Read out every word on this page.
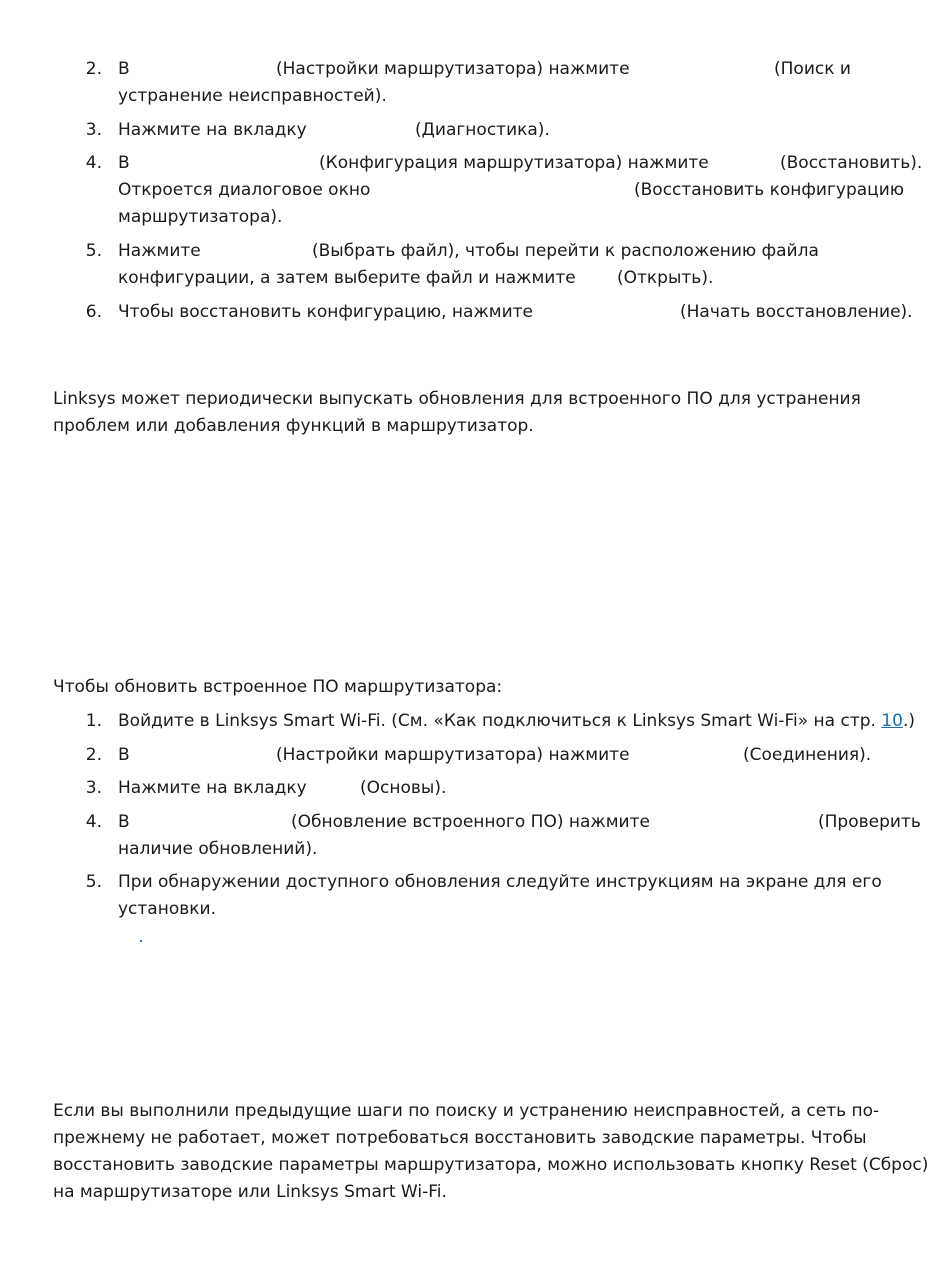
2. В	(Настройки маршрутизатора) нажмите	(Поиск и
устранение неисправностей).
3. Нажмите на вкладку	(Диагностика).
4. В	(Конфигурация маршрутизатора) нажмите	(Восстановить).
Откроется диалоговое окно	(Восстановить конфигурацию
маршрутизатора).
5. Нажмите	(Выбрать файл), чтобы перейти к расположению файла
конфигурации, а затем выберите файл и нажмите (Открыть).
6. Чтобы восстановить конфигурацию, нажмите	(Начать восстановление).
Linksys может периодически выпускать обновления для встроенного ПО для устранения
проблем или добавления функций в маршрутизатор.
Чтобы обновить встроенное ПО маршрутизатора:
1. Войдите в Linksys Smart Wi-Fi. (См. «Как подключиться к Linksys Smart Wi-Fi» на стр. 10.)
2. В	(Настройки маршрутизатора) нажмите	(Соединения).
3. Нажмите на вкладку	(Основы).
4. В	(Обновление встроенного ПО) нажмите	(Проверить
наличие обновлений).
5. При обнаружении доступного обновления следуйте инструкциям на экране для его
установки.
Если вы выполнили предыдущие шаги по поиску и устранению неисправностей, а сеть по-
прежнему не работает, может потребоваться восстановить заводские параметры. Чтобы
восстановить заводские параметры маршрутизатора, можно использовать кнопку Reset (Сброс)
на маршрутизаторе или Linksys Smart Wi-Fi.
